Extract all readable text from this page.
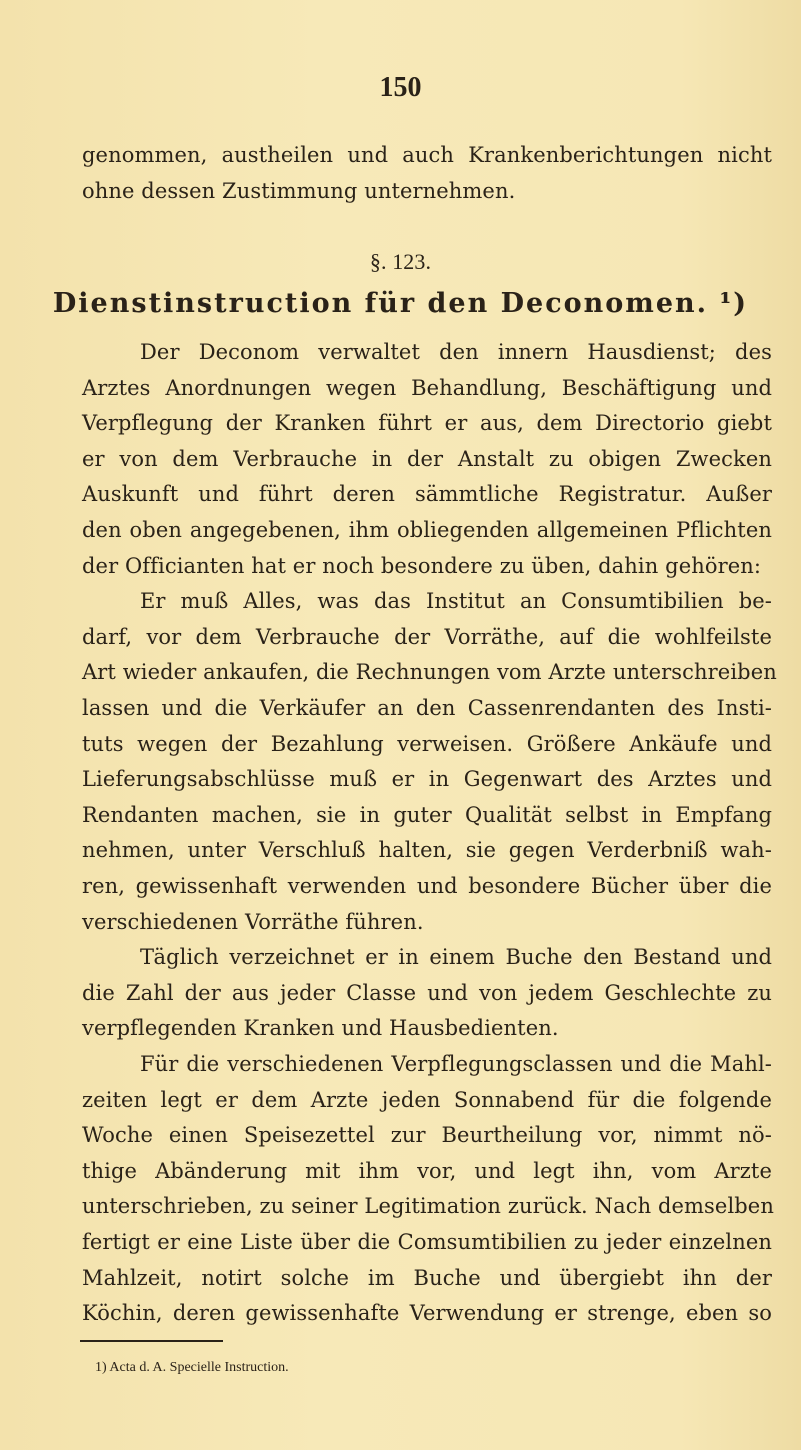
150
genommen, austheilen und auch Krankenberichtungen nicht
ohne dessen Zustimmung unternehmen.
§. 123.
Dienstinstruction für den Deconomen. ¹)
Der Deconom verwaltet den innern Hausdienst; des
Arztes Anordnungen wegen Behandlung, Beschäftigung und
Verpflegung der Kranken führt er aus, dem Directorio giebt
er von dem Verbrauche in der Anstalt zu obigen Zwecken
Auskunft und führt deren sämmtliche Registratur. Außer
den oben angegebenen, ihm obliegenden allgemeinen Pflichten
der Officianten hat er noch besondere zu üben, dahin gehören:
Er muß Alles, was das Institut an Consumtibilien be-
darf, vor dem Verbrauche der Vorräthe, auf die wohlfeilste
Art wieder ankaufen, die Rechnungen vom Arzte unterschreiben
lassen und die Verkäufer an den Cassenrendanten des Insti-
tuts wegen der Bezahlung verweisen. Größere Ankäufe und
Lieferungsabschlüsse muß er in Gegenwart des Arztes und
Rendanten machen, sie in guter Qualität selbst in Empfang
nehmen, unter Verschluß halten, sie gegen Verderbniß wah-
ren, gewissenhaft verwenden und besondere Bücher über die
verschiedenen Vorräthe führen.
Täglich verzeichnet er in einem Buche den Bestand und
die Zahl der aus jeder Classe und von jedem Geschlechte zu
verpflegenden Kranken und Hausbedienten.
Für die verschiedenen Verpflegungsclassen und die Mahl-
zeiten legt er dem Arzte jeden Sonnabend für die folgende
Woche einen Speisezettel zur Beurtheilung vor, nimmt nö-
thige Abänderung mit ihm vor, und legt ihn, vom Arzte
unterschrieben, zu seiner Legitimation zurück. Nach demselben
fertigt er eine Liste über die Comsumtibilien zu jeder einzelnen
Mahlzeit, notirt solche im Buche und übergiebt ihn der
Köchin, deren gewissenhafte Verwendung er strenge, eben so
1) Acta d. A. Specielle Instruction.
